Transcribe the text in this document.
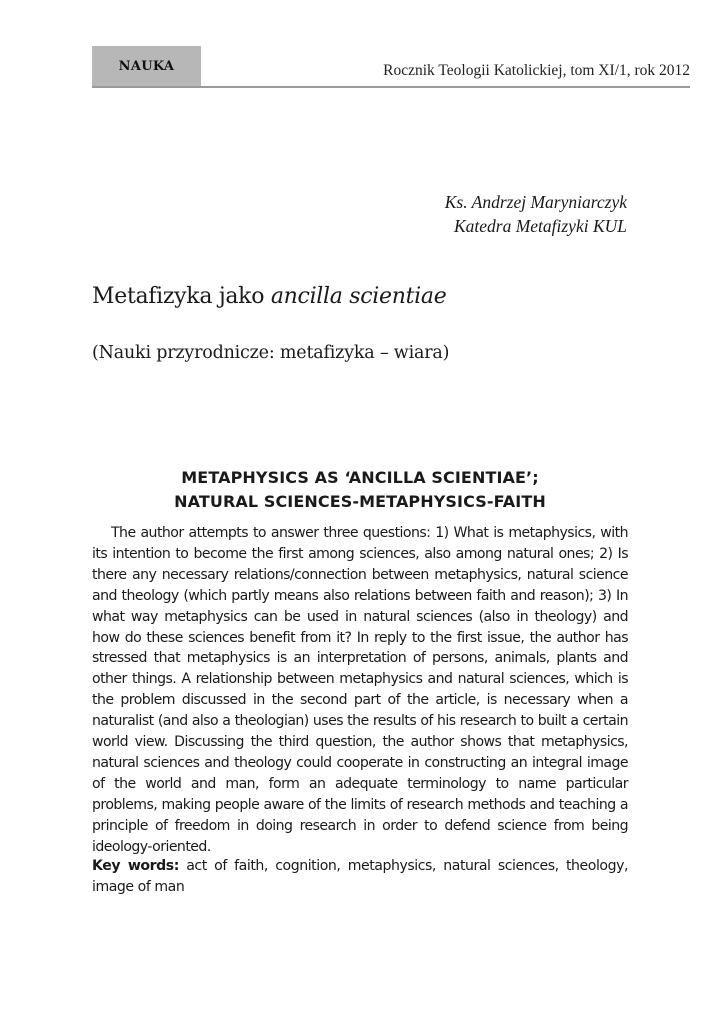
NAUKA	Rocznik Teologii Katolickiej, tom XI/1, rok 2012
Ks. Andrzej Maryniarczyk
Katedra Metafizyki KUL
Metafizyka jako ancilla scientiae
(Nauki przyrodnicze: metafizyka – wiara)
METAPHYSICS AS ‘ANCILLA SCIENTIAE’;
NATURAL SCIENCES-METAPHYSICS-FAITH

The author attempts to answer three questions: 1) What is metaphysics, with its intention to become the first among sciences, also among natural ones; 2) Is there any necessary relations/connection between metaphysics, natural science and theology (which partly means also relations between faith and reason); 3) In what way metaphysics can be used in natural sciences (also in theology) and how do these sciences benefit from it? In reply to the first issue, the author has stressed that metaphysics is an interpretation of persons, animals, plants and other things. A relationship between metaphysics and natural sciences, which is the problem discussed in the second part of the article, is necessary when a naturalist (and also a theologian) uses the results of his research to built a certain world view. Discussing the third question, the author shows that metaphysics, natural sciences and theology could cooperate in constructing an integral image of the world and man, form an adequate terminology to name particular problems, making people aware of the limits of research methods and teaching a principle of freedom in doing research in order to defend science from being ideology-oriented.

Key words: act of faith, cognition, metaphysics, natural sciences, theology, image of man
